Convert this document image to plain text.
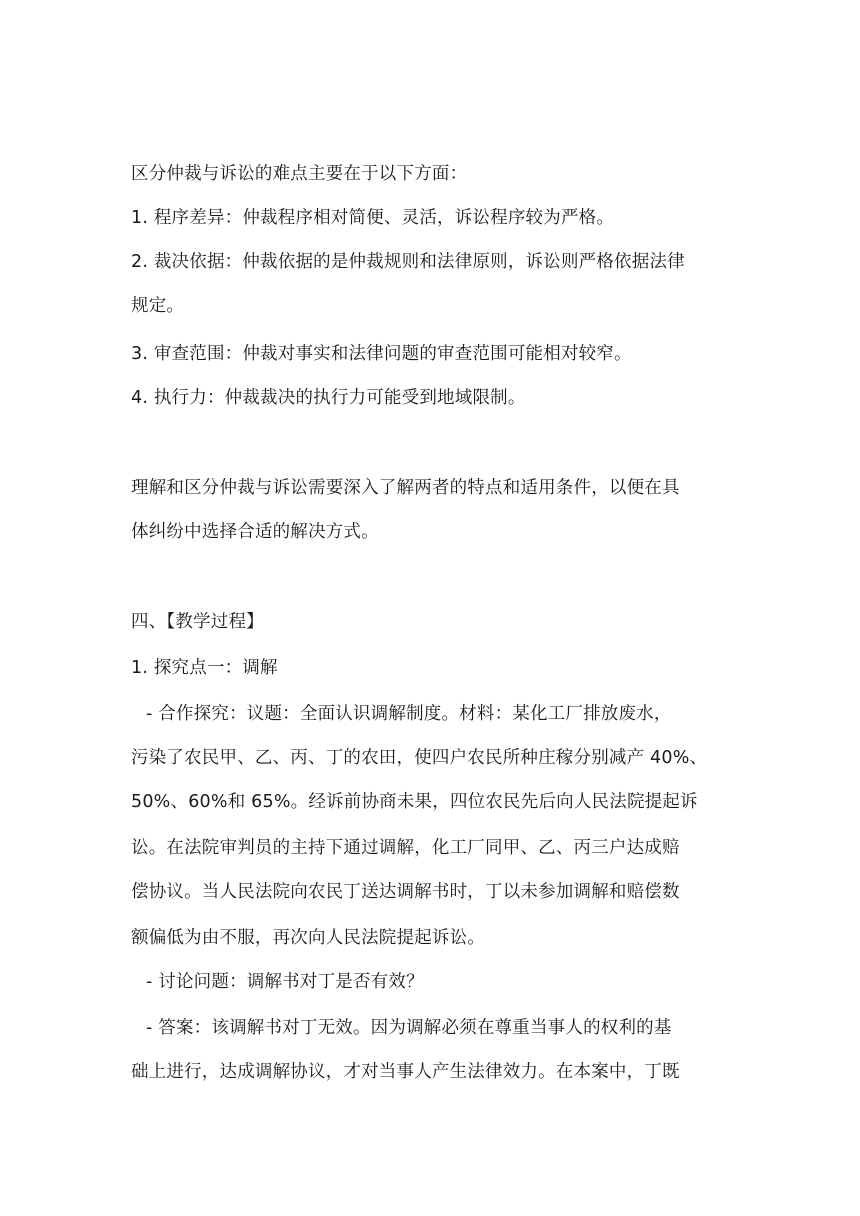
区分仲裁与诉讼的难点主要在于以下方面：
1. 程序差异：仲裁程序相对简便、灵活，诉讼程序较为严格。
2. 裁决依据：仲裁依据的是仲裁规则和法律原则，诉讼则严格依据法律
规定。
3. 审查范围：仲裁对事实和法律问题的审查范围可能相对较窄。
4. 执行力：仲裁裁决的执行力可能受到地域限制。
理解和区分仲裁与诉讼需要深入了解两者的特点和适用条件，以便在具
体纠纷中选择合适的解决方式。
四、【教学过程】
1. 探究点一：调解
- 合作探究：议题：全面认识调解制度。材料：某化工厂排放废水，
污染了农民甲、乙、丙、丁的农田，使四户农民所种庄稼分别减产 40%、
50%、60%和 65%。经诉前协商未果，四位农民先后向人民法院提起诉
讼。在法院审判员的主持下通过调解，化工厂同甲、乙、丙三户达成赔
偿协议。当人民法院向农民丁送达调解书时，丁以未参加调解和赔偿数
额偏低为由不服，再次向人民法院提起诉讼。
- 讨论问题：调解书对丁是否有效？
- 答案：该调解书对丁无效。因为调解必须在尊重当事人的权利的基
础上进行，达成调解协议，才对当事人产生法律效力。在本案中，丁既
